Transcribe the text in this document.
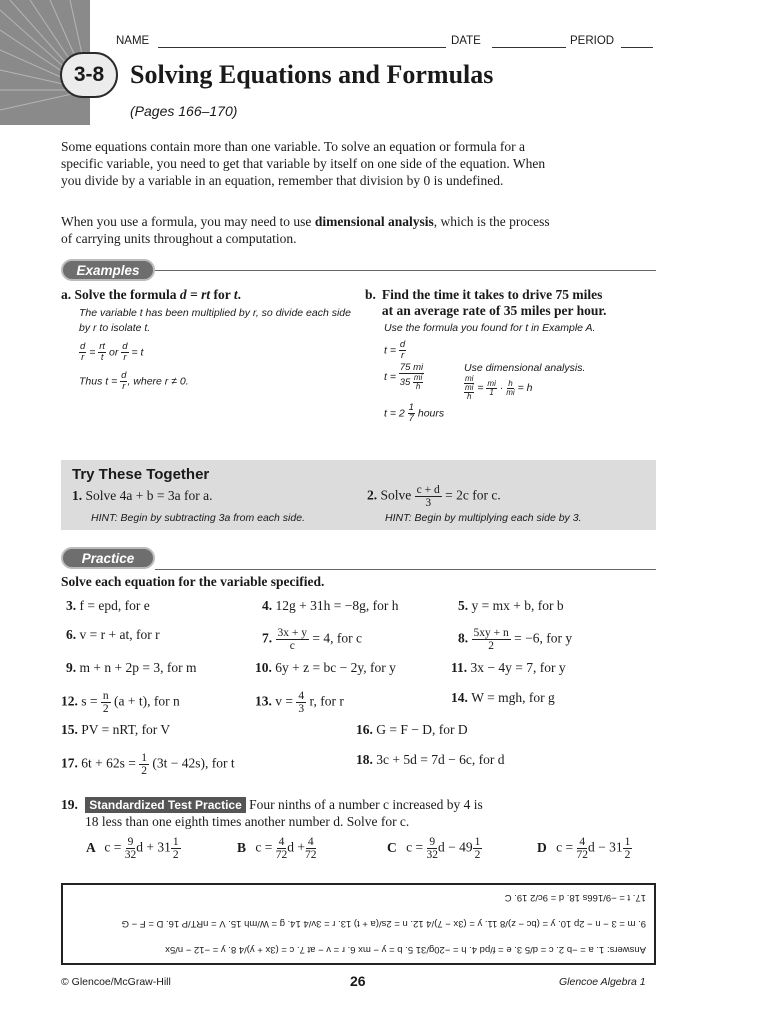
3-8
NAME	DATE	PERIOD
Solving Equations and Formulas
(Pages 166–170)

Some equations contain more than one variable. To solve an equation or formula for a specific variable, you need to get that variable by itself on one side of the equation. When you divide by a variable in an equation, remember that division by 0 is undefined.

When you use a formula, you may need to use dimensional analysis, which is the process of carrying units throughout a computation.

Examples
a. Solve the formula d = rt for t.
The variable t has been multiplied by r, so divide each side by r to isolate t.
$\frac{d}{r} = \frac{rt}{t}$ or $\frac{d}{r} = t$
Thus $t = \frac{d}{r}$ , where r ≠ 0.
b. Find the time it takes to drive 75 miles at an average rate of 35 miles per hour.
Use the formula you found for t in Example A.
$t = \frac{d}{r}$
t =
75 mi
$35 \frac{mi}{h}$
Use dimensional analysis.
mi
$\frac{mi}{h} = \frac{mi}{1} \cdot \frac{h}{mi} = h$
$t = 2 \frac{1}{7}$ hours
Try These Together
1. Solve 4a + b = 3a for a.
HINT: Begin by subtracting 3a from each side.
2. Solve $\frac{c + d}{3} = 2c$ for c.
HINT: Begin by multiplying each side by 3.
Practice
Solve each equation for the variable specified.
3. f = epd, for e	4. 12g + 31h = −8g, for h	5. y = mx + b, for b
6. v = r + at, for r	7. $\frac{3x + y}{c} = 4$, for c	8. $\frac{5xy + n}{2} = -6$, for y
9. m + n + 2p = 3, for m	10. 6y + z = bc − 2y, for y	11. 3x − 4y = 7, for y
12. $s = \frac{n}{2} (a + t)$, for n	13. $v = \frac{4}{3} r$, for r	14. W = mgh, for g
15. PV = nRT, for V	16. G = F − D, for D
17. $6t + 62s = \frac{1}{2} (3t - 42s)$, for t	18. 3c + 5d = 7d − 6c, for d
19. Standardized Test Practice Four ninths of a number c increased by 4 is
18 less than one eighth times another number d. Solve for c.
A $c = \frac{9}{32}$ $d + 31 \frac{1}{2}$	B $c = \frac{4}{72}$ $d + \frac{4}{72}$	C $c = \frac{9}{32}$ $d - 49 \frac{1}{2}$	D $c = \frac{4}{72}$ $d - 31 \frac{1}{2}$
Answers: 1. a = −b 2. c = d/5 3. e = f/pd 4. h = −20g/31 5. b = y − mx 6. r = v − at 7. c = (3x + y)/4 8. y = −12 − n/5x
9. m = 3 − n − 2p 10. y = (bc − z)/8 11. y = (3x − 7)/4 12. n = 2s/(a + t) 13. r = 3v/4 14. g = W/mh 15. V = nRT/P 16. D = F − G
17. t = −9/166s 18. d = 9c/2 19. C
© Glencoe/McGraw-Hill	26	Glencoe Algebra 1
